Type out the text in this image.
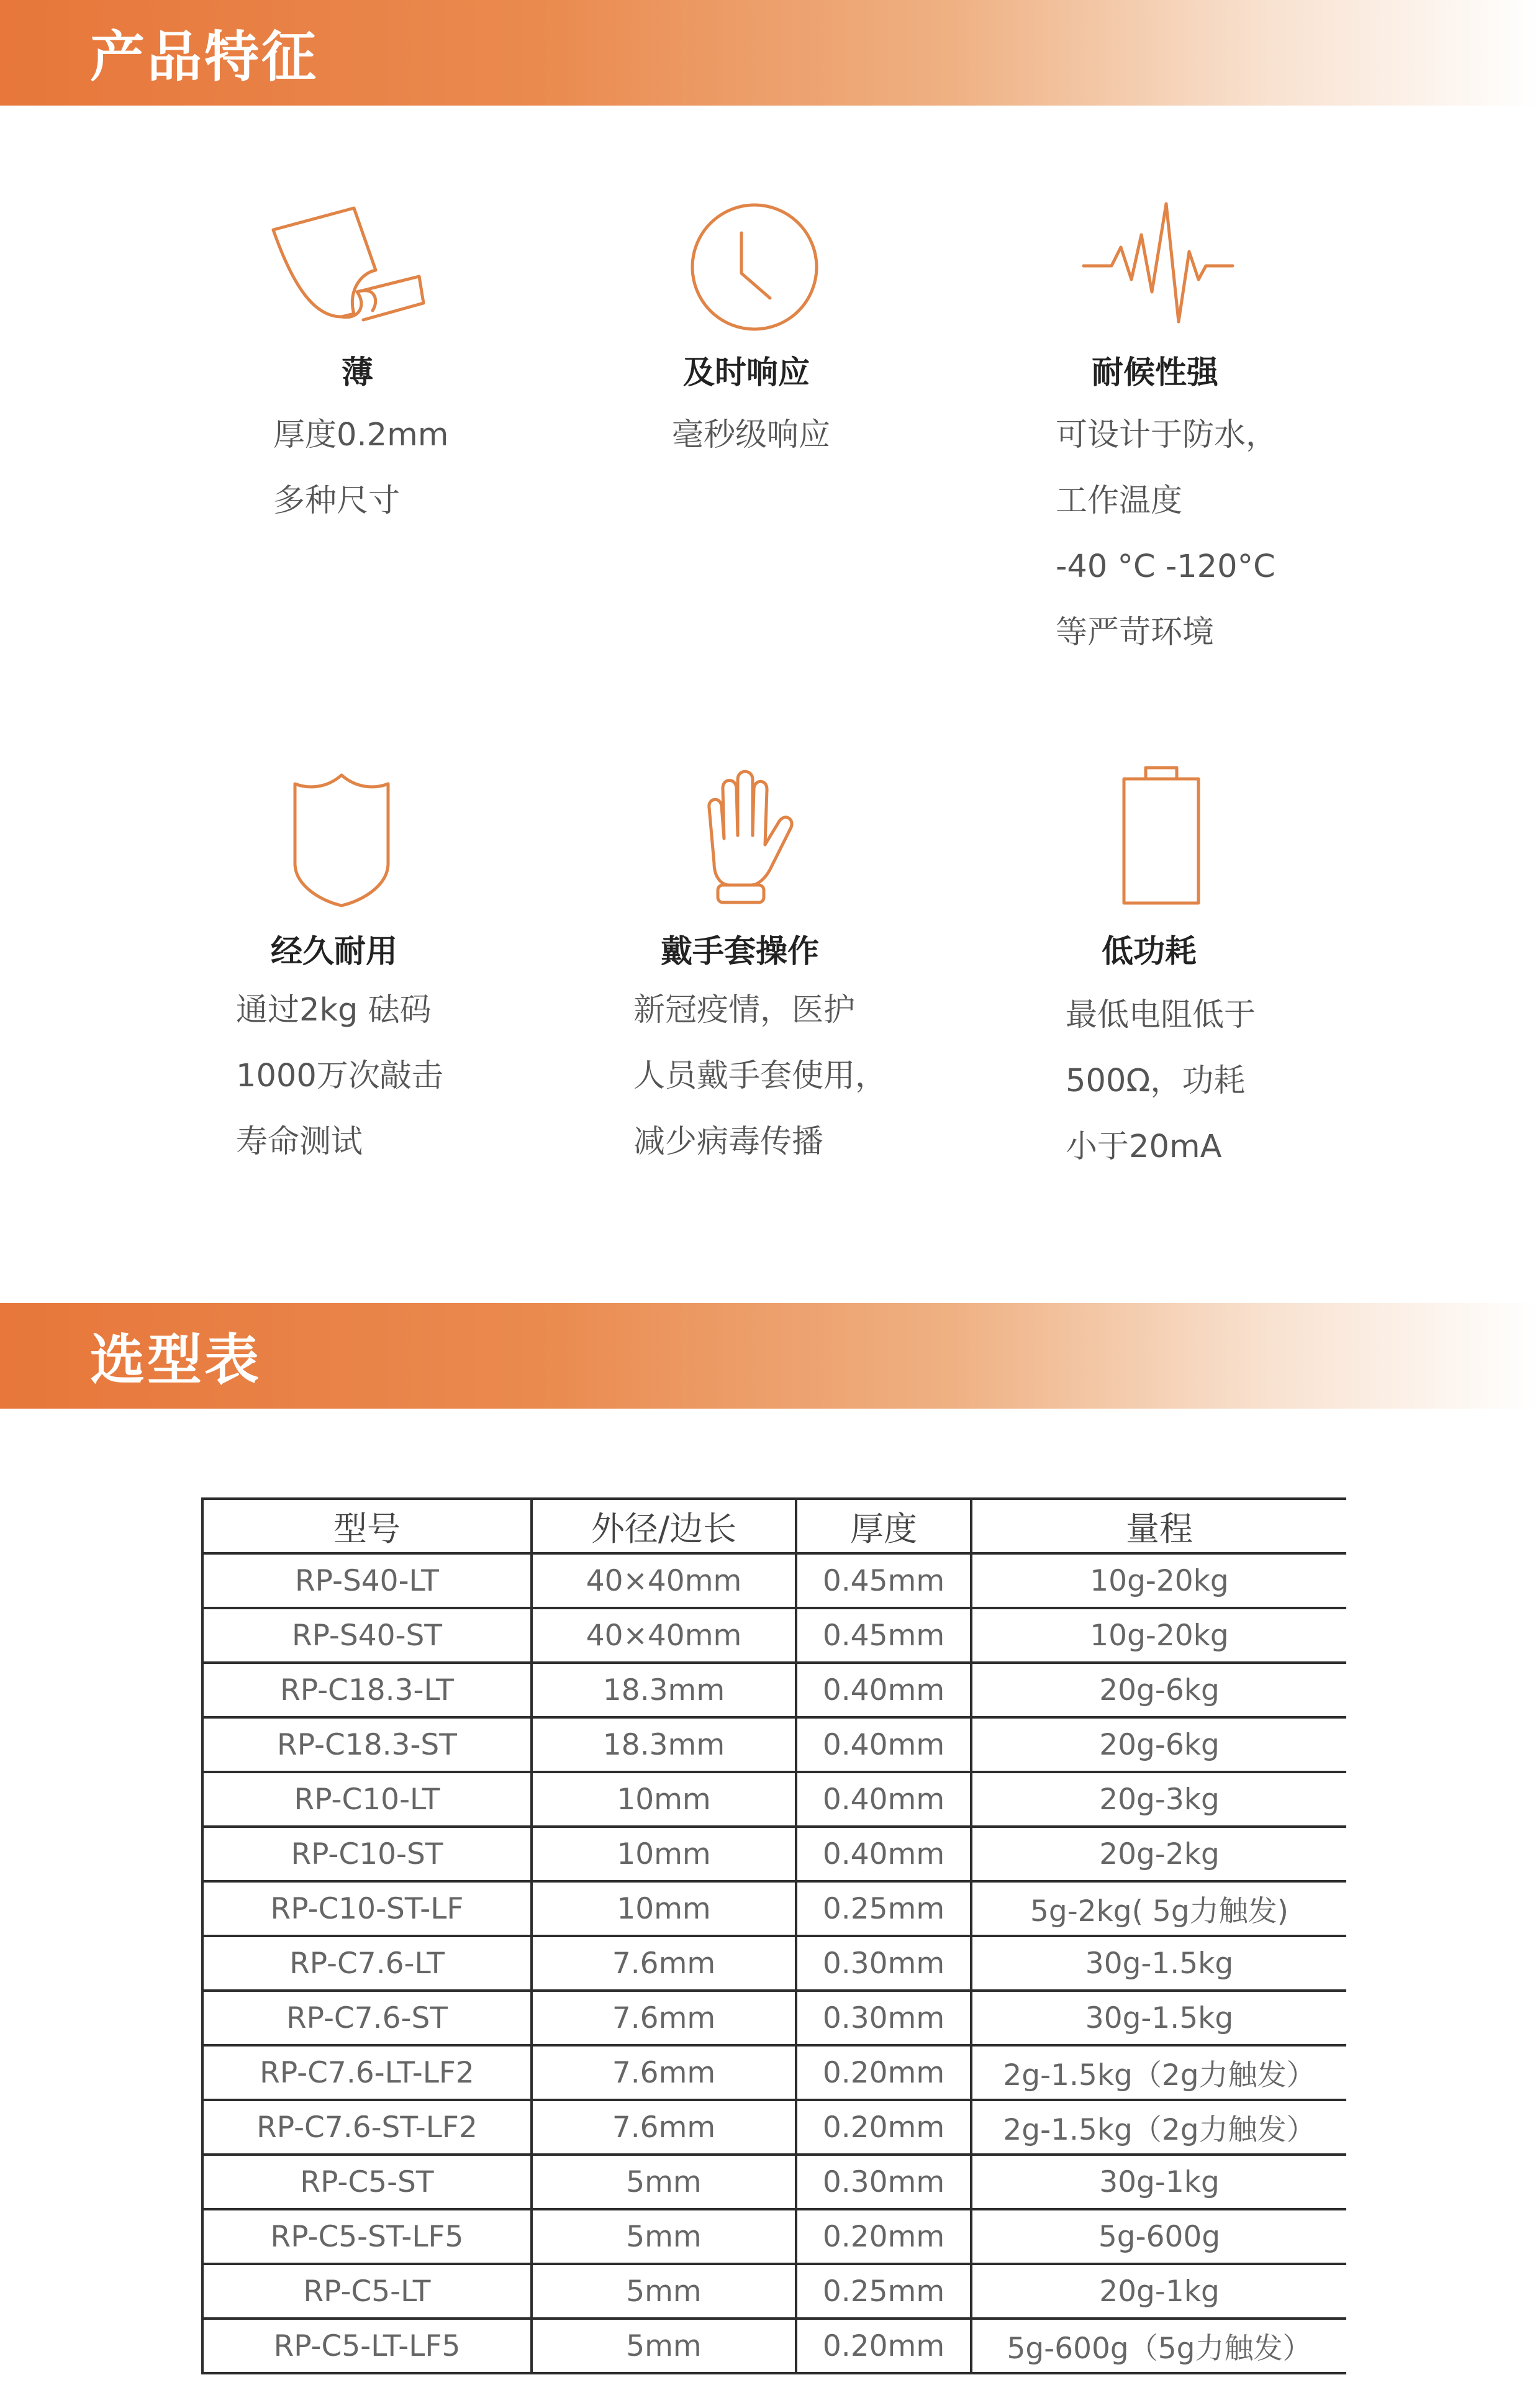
产品特征
薄
厚度0.2mm
多种尺寸
及时响应
毫秒级响应
耐候性强
可设计于防水，
工作温度
-40 °C -120°C
等严苛环境
经久耐用
通过2kg 砝码
1000万次敲击
寿命测试
戴手套操作
新冠疫情，医护
人员戴手套使用，
减少病毒传播
低功耗
最低电阻低于
500Ω，功耗
小于20mA
选型表
型号	外径/边长	厚度	量程
RP-S40-LT	40×40mm	0.45mm	10g-20kg
RP-S40-ST	40×40mm	0.45mm	10g-20kg
RP-C18.3-LT	18.3mm	0.40mm	20g-6kg
RP-C18.3-ST	18.3mm	0.40mm	20g-6kg
RP-C10-LT	10mm	0.40mm	20g-3kg
RP-C10-ST	10mm	0.40mm	20g-2kg
RP-C10-ST-LF	10mm	0.25mm	5g-2kg( 5g力触发)
RP-C7.6-LT	7.6mm	0.30mm	30g-1.5kg
RP-C7.6-ST	7.6mm	0.30mm	30g-1.5kg
RP-C7.6-LT-LF2	7.6mm	0.20mm	2g-1.5kg（2g力触发）
RP-C7.6-ST-LF2	7.6mm	0.20mm	2g-1.5kg（2g力触发）
RP-C5-ST	5mm	0.30mm	30g-1kg
RP-C5-ST-LF5	5mm	0.20mm	5g-600g
RP-C5-LT	5mm	0.25mm	20g-1kg
RP-C5-LT-LF5	5mm	0.20mm	5g-600g（5g力触发）
